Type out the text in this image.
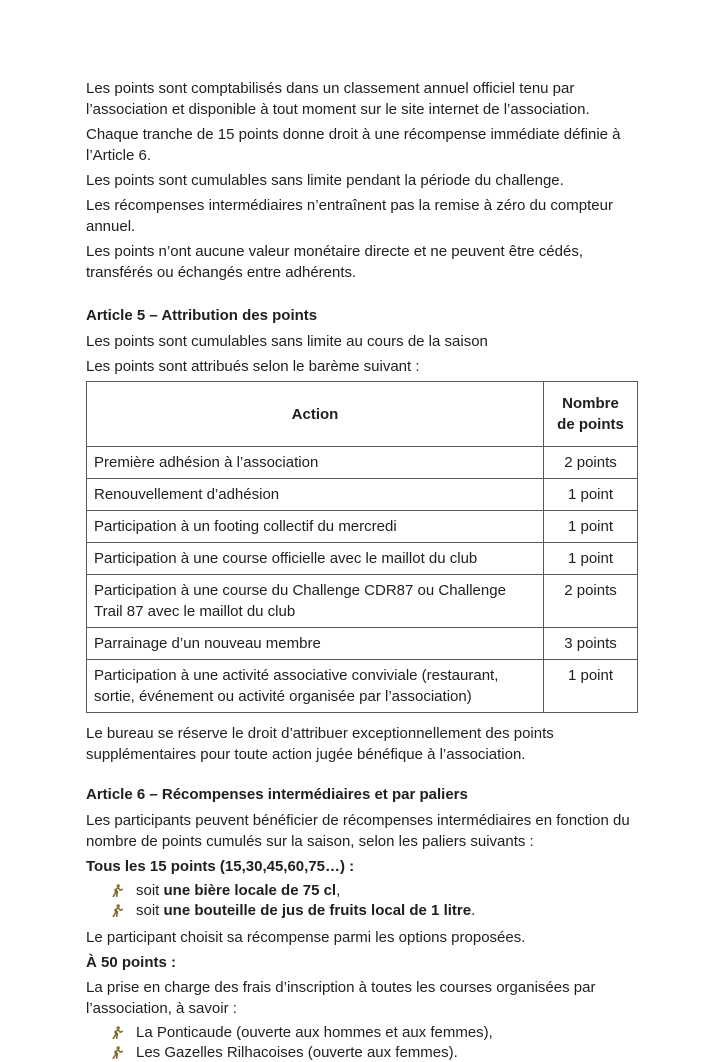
Les points sont comptabilisés dans un classement annuel officiel tenu par l’association et disponible à tout moment sur le site internet de l’association.

Chaque tranche de 15 points donne droit à une récompense immédiate définie à l’Article 6.

Les points sont cumulables sans limite pendant la période du challenge.

Les récompenses intermédiaires n’entraînent pas la remise à zéro du compteur annuel.

Les points n’ont aucune valeur monétaire directe et ne peuvent être cédés, transférés ou échangés entre adhérents.

Article 5 – Attribution des points

Les points sont cumulables sans limite au cours de la saison

Les points sont attribués selon le barème suivant :

Action	Nombre de points
Première adhésion à l’association	2 points
Renouvellement d’adhésion	1 point
Participation à un footing collectif du mercredi	1 point
Participation à une course officielle avec le maillot du club	1 point
Participation à une course du Challenge CDR87 ou Challenge Trail 87 avec le maillot du club	2 points
Parrainage d’un nouveau membre	3 points
Participation à une activité associative conviviale (restaurant, sortie, événement ou activité organisée par l’association)	1 point

Le bureau se réserve le droit d’attribuer exceptionnellement des points supplémentaires pour toute action jugée bénéfique à l’association.

Article 6 – Récompenses intermédiaires et par paliers

Les participants peuvent bénéficier de récompenses intermédiaires en fonction du nombre de points cumulés sur la saison, selon les paliers suivants :

Tous les 15 points (15,30,45,60,75…) :

soit une bière locale de 75 cl,
soit une bouteille de jus de fruits local de 1 litre.

Le participant choisit sa récompense parmi les options proposées.

À 50 points :

La prise en charge des frais d’inscription à toutes les courses organisées par l’association, à savoir :

La Ponticaude (ouverte aux hommes et aux femmes),
Les Gazelles Rilhacoises (ouverte aux femmes).
